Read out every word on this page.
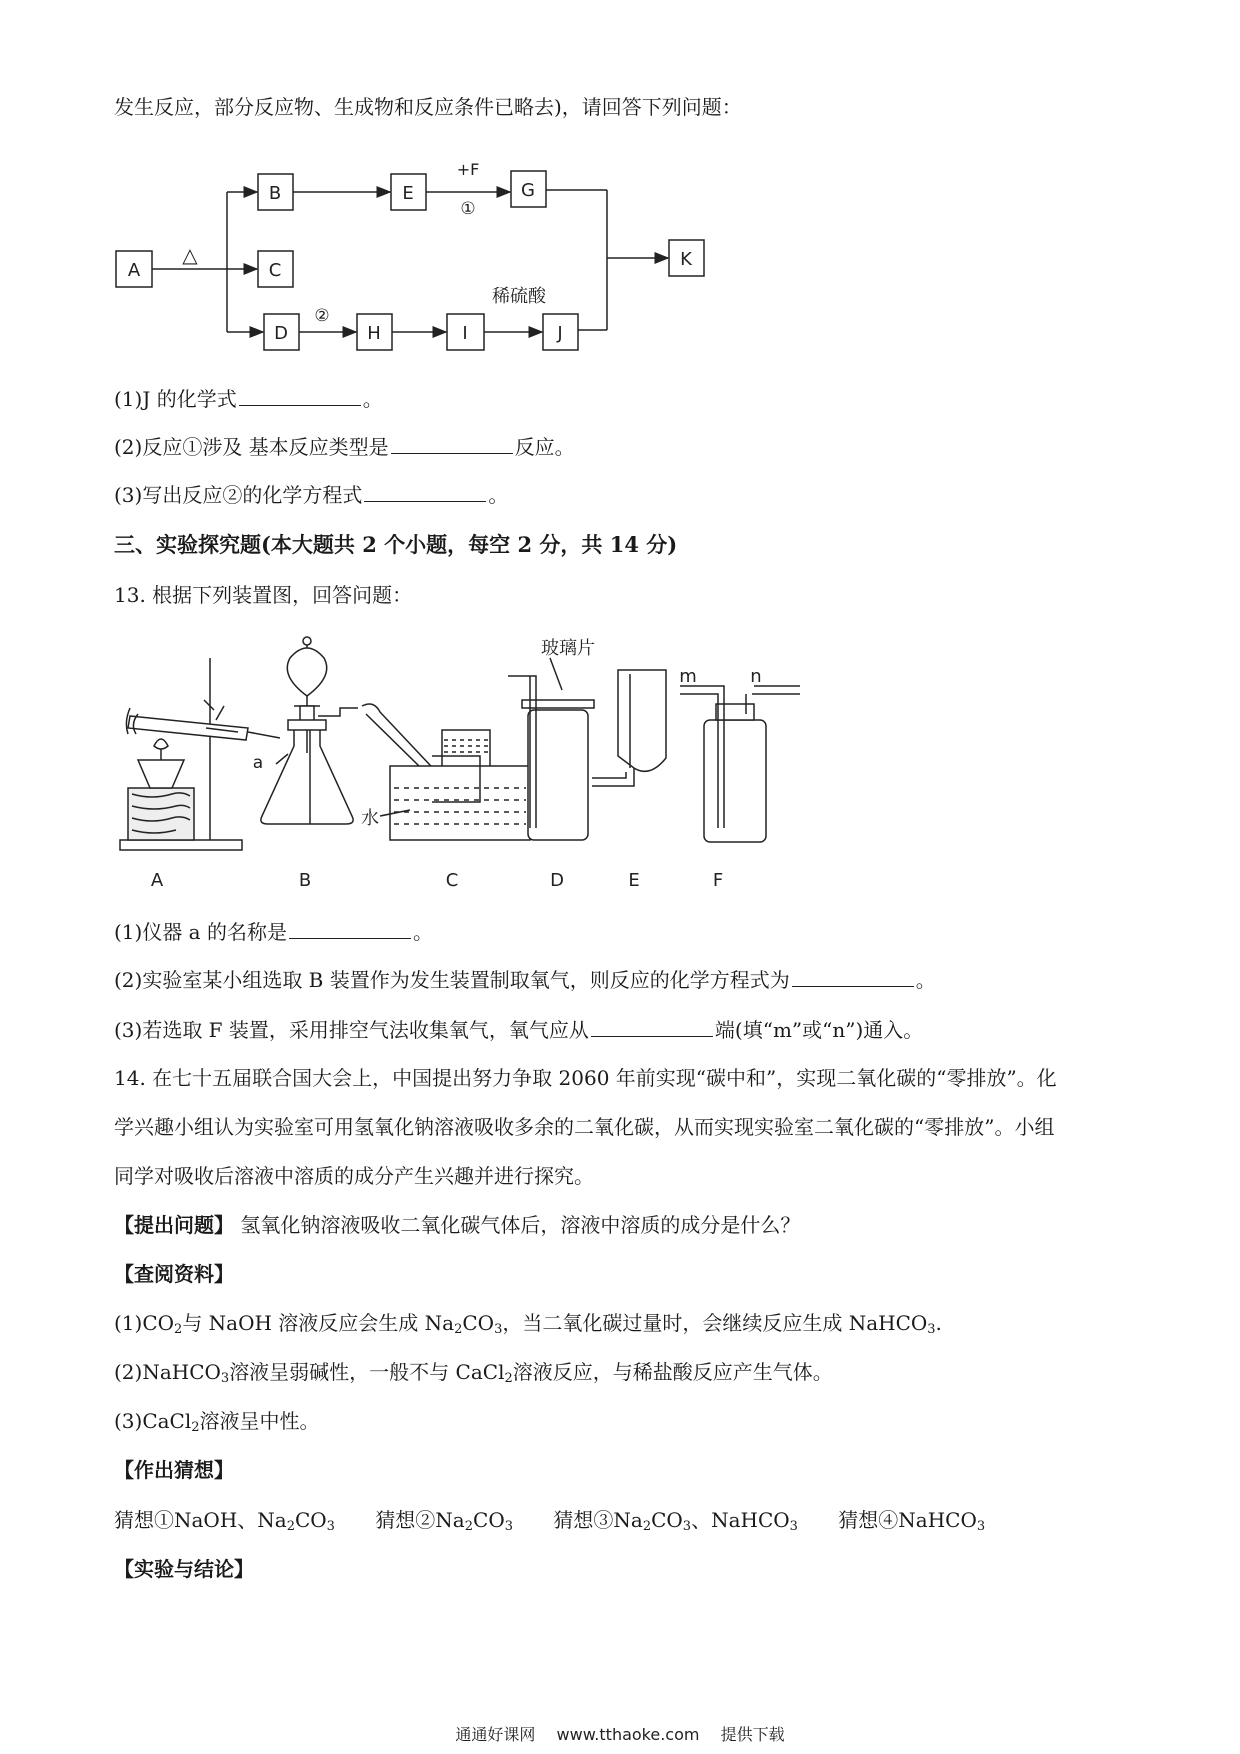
发生反应，部分反应物、生成物和反应条件已略去)，请回答下列问题：
A
B
C
D
E	G
K
H	I	J
△
+F
①
②
稀硫酸
(1)J 的化学式	。
(2)反应①涉及 基本反应类型是	反应。
(3)写出反应②的化学方程式	。
三、实验探究题(本大题共 2 个小题，每空 2 分，共 14 分)
13. 根据下列装置图，回答问题：
A	B	C	D	E	F
a
水
玻璃片
m	n
(1)仪器 a 的名称是	。
(2)实验室某小组选取 B 装置作为发生装置制取氧气，则反应的化学方程式为	。
(3)若选取 F 装置，采用排空气法收集氧气，氧气应从	端(填“m”或“n”)通入。
14. 在七十五届联合国大会上，中国提出努力争取 2060 年前实现“碳中和”，实现二氧化碳的“零排放”。化
学兴趣小组认为实验室可用氢氧化钠溶液吸收多余的二氧化碳，从而实现实验室二氧化碳的“零排放”。小组
同学对吸收后溶液中溶质的成分产生兴趣并进行探究。
【提出问题】 氢氧化钠溶液吸收二氧化碳气体后，溶液中溶质的成分是什么？
【查阅资料】
$(1)CO_2$与 NaOH 溶液反应会生成 $Na_2CO_3$，当二氧化碳过量时，会继续反应生成 NaHCO$_3$.
(2)NaHCO$_3$溶液呈弱碱性，一般不与 CaCl$_2$溶液反应，与稀盐酸反应产生气体。
(3)CaCl$_2$溶液呈中性。
【作出猜想】
猜想①NaOH、$Na_2CO_3$ 猜想$②Na_2CO_3$ 猜想$③Na_2CO_3$、NaHCO$_3$ 猜想④NaHCO$_3$
【实验与结论】
通通好课网 www.tthaoke.com 提供下载
